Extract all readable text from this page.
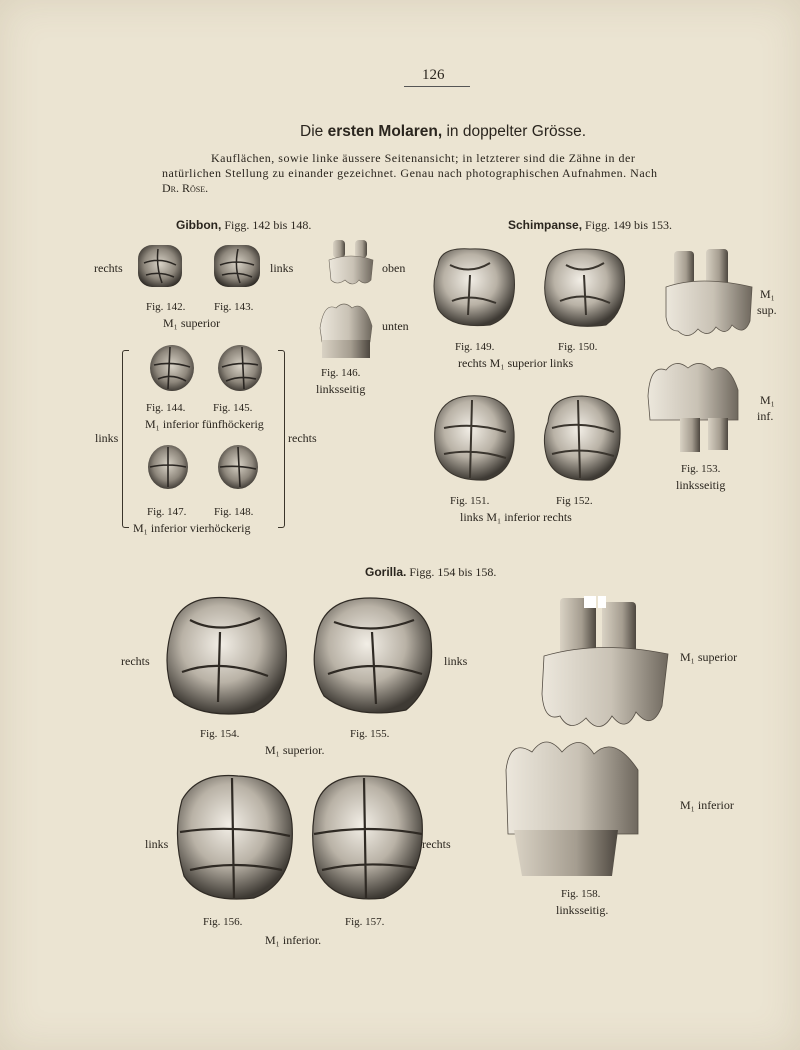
126
Die ersten Molaren, in doppelter Grösse.
Kauflächen, sowie linke äussere Seitenansicht; in letzterer sind die Zähne in der
natürlichen Stellung zu einander gezeichnet. Genau nach photographischen Aufnahmen. Nach
Dr. Röse.
Gibbon, Figg. 142 bis 148.
rechts	links
Fig. 142.	Fig. 143.
M₁ superior
oben
unten
Fig. 146.
linksseitig
links	rechts
Fig. 144.	Fig. 145.
M₁ inferior fünfhöckerig
Fig. 147.	Fig. 148.
M₁ inferior vierhöckerig
Schimpanse, Figg. 149 bis 153.
Fig. 149.	Fig. 150.
rechts M₁ superior links
Fig. 151.	Fig 152.
links M₁ inferior rechts
M₁
sup.
M₁
inf.
Fig. 153.
linksseitig
Gorilla. Figg. 154 bis 158.
rechts	links
Fig. 154.	Fig. 155.
M₁ superior.
links	rechts
Fig. 156.	Fig. 157.
M₁ inferior.
M₁ superior
M₁ inferior
Fig. 158.
linksseitig.
